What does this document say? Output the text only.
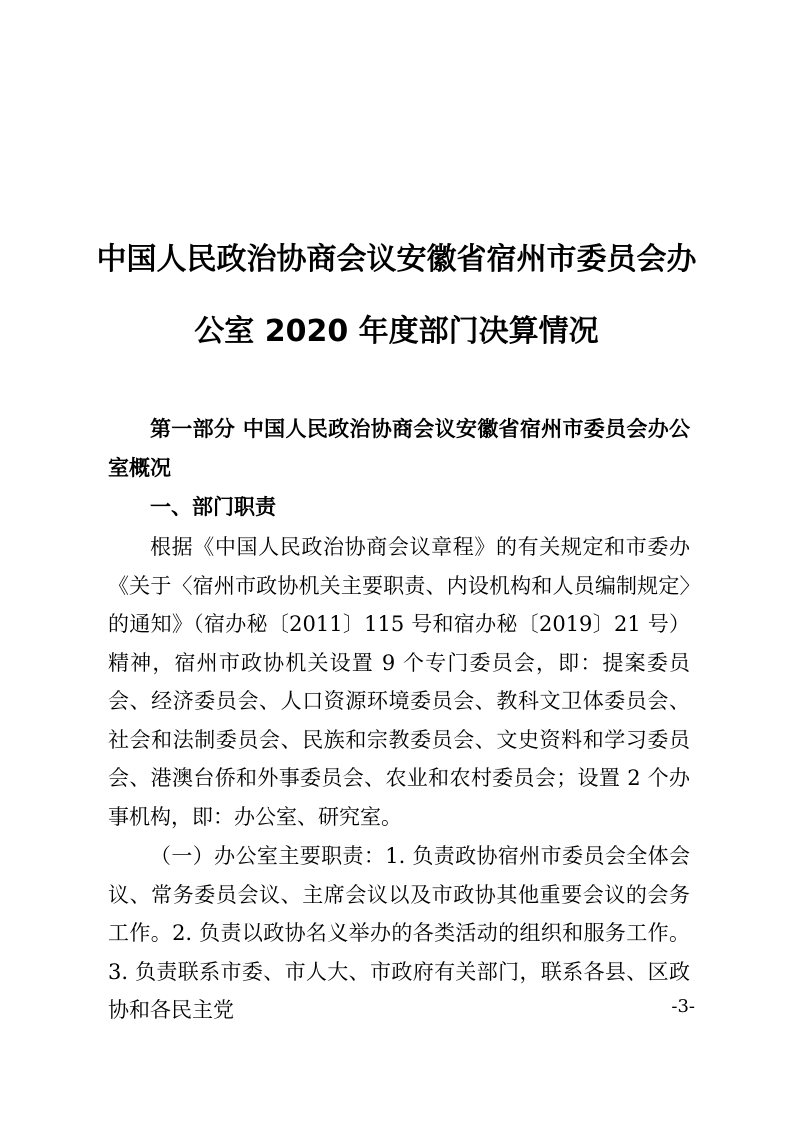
中国人民政治协商会议安徽省宿州市委员会办
公室 2020 年度部门决算情况
第一部分 中国人民政治协商会议安徽省宿州市委员会办公室概况
一、部门职责
根据《中国人民政治协商会议章程》的有关规定和市委办《关于〈宿州市政协机关主要职责、内设机构和人员编制规定〉的通知》（宿办秘〔2011〕115 号和宿办秘〔2019〕21 号）精神，宿州市政协机关设置 9 个专门委员会，即：提案委员会、经济委员会、人口资源环境委员会、教科文卫体委员会、社会和法制委员会、民族和宗教委员会、文史资料和学习委员会、港澳台侨和外事委员会、农业和农村委员会；设置 2 个办事机构，即：办公室、研究室。
（一）办公室主要职责：1. 负责政协宿州市委员会全体会议、常务委员会议、主席会议以及市政协其他重要会议的会务工作。2. 负责以政协名义举办的各类活动的组织和服务工作。3. 负责联系市委、市人大、市政府有关部门，联系各县、区政协和各民主党	-3-
